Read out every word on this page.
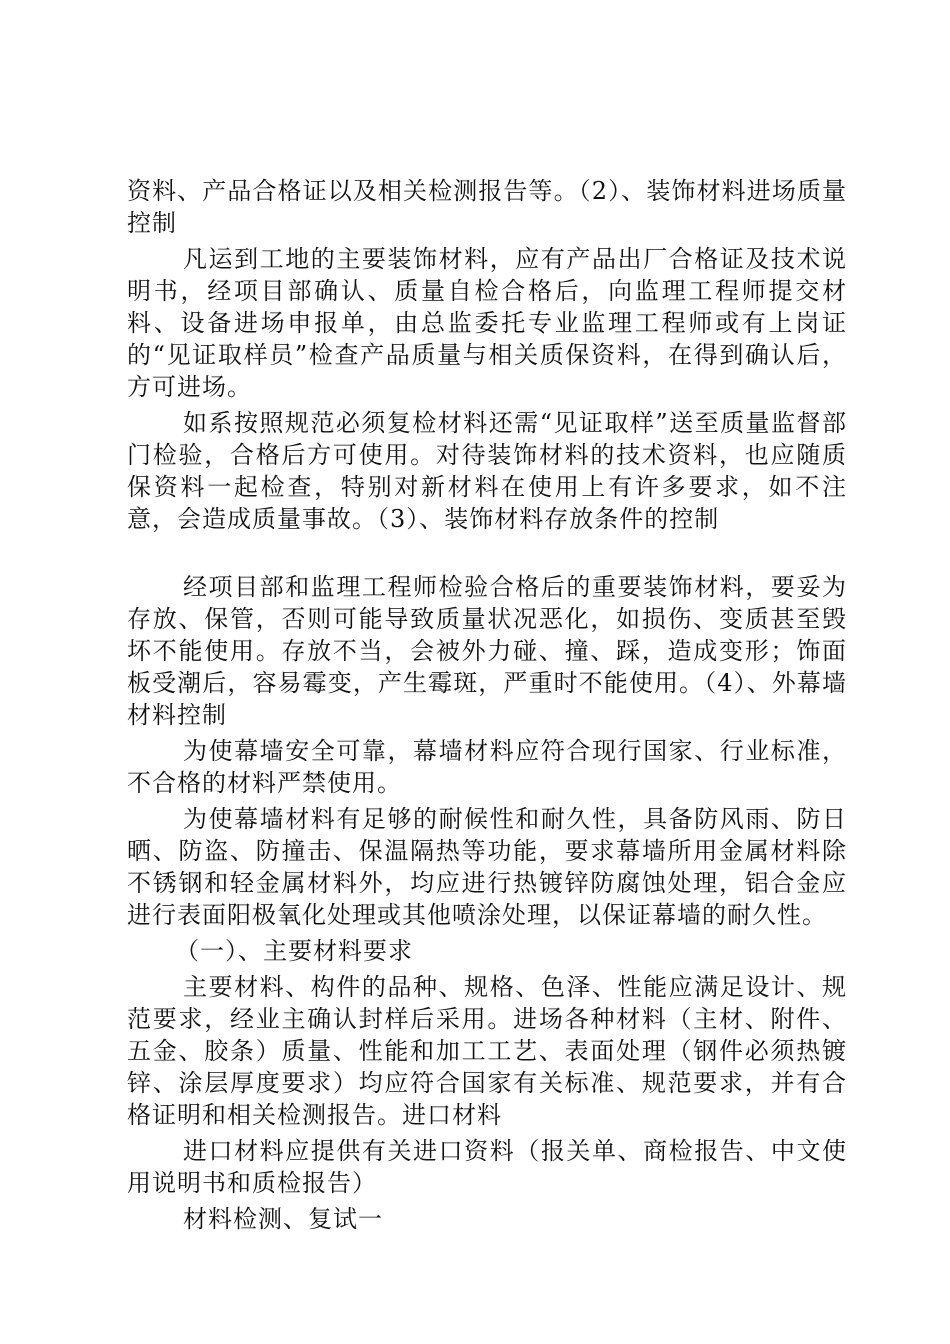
资料、产品合格证以及相关检测报告等。（2）、装饰材料进场质量控制

凡运到工地的主要装饰材料，应有产品出厂合格证及技术说明书，经项目部确认、质量自检合格后，向监理工程师提交材料、设备进场申报单，由总监委托专业监理工程师或有上岗证的“见证取样员”检查产品质量与相关质保资料，在得到确认后，方可进场。

如系按照规范必须复检材料还需“见证取样”送至质量监督部门检验，合格后方可使用。对待装饰材料的技术资料，也应随质保资料一起检查，特别对新材料在使用上有许多要求，如不注意，会造成质量事故。（3）、装饰材料存放条件的控制

经项目部和监理工程师检验合格后的重要装饰材料，要妥为存放、保管，否则可能导致质量状况恶化，如损伤、变质甚至毁坏不能使用。存放不当，会被外力碰、撞、踩，造成变形；饰面板受潮后，容易霉变，产生霉斑，严重时不能使用。（4）、外幕墙材料控制

为使幕墙安全可靠，幕墙材料应符合现行国家、行业标准，不合格的材料严禁使用。

为使幕墙材料有足够的耐候性和耐久性，具备防风雨、防日晒、防盗、防撞击、保温隔热等功能，要求幕墙所用金属材料除不锈钢和轻金属材料外，均应进行热镀锌防腐蚀处理，铝合金应进行表面阳极氧化处理或其他喷涂处理，以保证幕墙的耐久性。

（一）、主要材料要求

主要材料、构件的品种、规格、色泽、性能应满足设计、规范要求，经业主确认封样后采用。进场各种材料（主材、附件、五金、胶条）质量、性能和加工工艺、表面处理（钢件必须热镀锌、涂层厚度要求）均应符合国家有关标准、规范要求，并有合格证明和相关检测报告。进口材料

进口材料应提供有关进口资料（报关单、商检报告、中文使用说明书和质检报告）

材料检测、复试一
